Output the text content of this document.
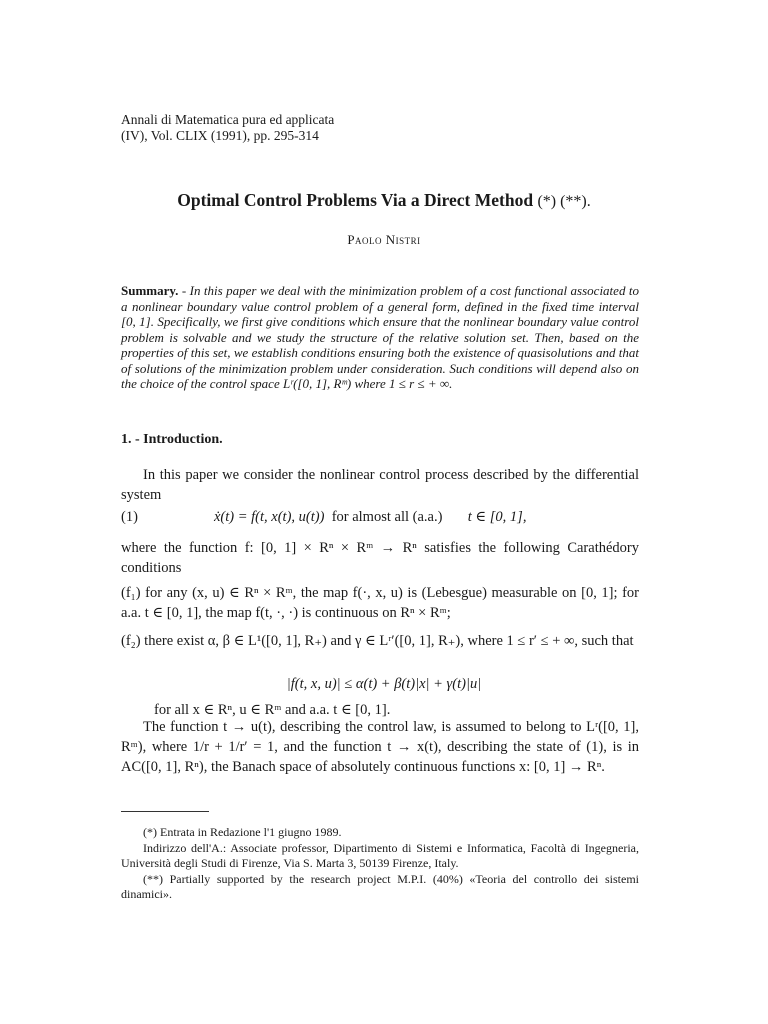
Annali di Matematica pura ed applicata
(IV), Vol. CLIX (1991), pp. 295-314
Optimal Control Problems Via a Direct Method (*) (**).
Paolo Nistri
Summary. - In this paper we deal with the minimization problem of a cost functional associated to a nonlinear boundary value control problem of a general form, defined in the fixed time interval [0, 1]. Specifically, we first give conditions which ensure that the nonlinear boundary value control problem is solvable and we study the structure of the relative solution set. Then, based on the properties of this set, we establish conditions ensuring both the existence of quasisolutions and that of solutions of the minimization problem under consideration. Such conditions will depend also on the choice of the control space Lʳ([0, 1], Rᵐ) where 1 ≤ r ≤ + ∞.
1. - Introduction.
In this paper we consider the nonlinear control process described by the differential system
(1)	ẋ(t) = f(t, x(t), u(t)) for almost all (a.a.) t ∈ [0, 1],
where the function f: [0, 1] × Rⁿ × Rᵐ → Rⁿ satisfies the following Carathédory conditions
(f₁) for any (x, u) ∈ Rⁿ × Rᵐ, the map f(·, x, u) is (Lebesgue) measurable on [0, 1]; for a.a. t ∈ [0, 1], the map f(t, ·, ·) is continuous on Rⁿ × Rᵐ;
(f₂) there exist α, β ∈ L¹([0, 1], R₊) and γ ∈ Lʳ′([0, 1], R₊), where 1 ≤ r′ ≤ + ∞, such that
|f(t, x, u)| ≤ α(t) + β(t)|x| + γ(t)|u|
for all x ∈ Rⁿ, u ∈ Rᵐ and a.a. t ∈ [0, 1].
The function t → u(t), describing the control law, is assumed to belong to Lʳ([0, 1], Rᵐ), where 1/r + 1/r′ = 1, and the function t → x(t), describing the state of (1), is in AC([0, 1], Rⁿ), the Banach space of absolutely continuous functions x: [0, 1] → Rⁿ.
(*) Entrata in Redazione l'1 giugno 1989.
Indirizzo dell'A.: Associate professor, Dipartimento di Sistemi e Informatica, Facoltà di Ingegneria, Università degli Studi di Firenze, Via S. Marta 3, 50139 Firenze, Italy.
(**) Partially supported by the research project M.P.I. (40%) «Teoria del controllo dei sistemi dinamici».
